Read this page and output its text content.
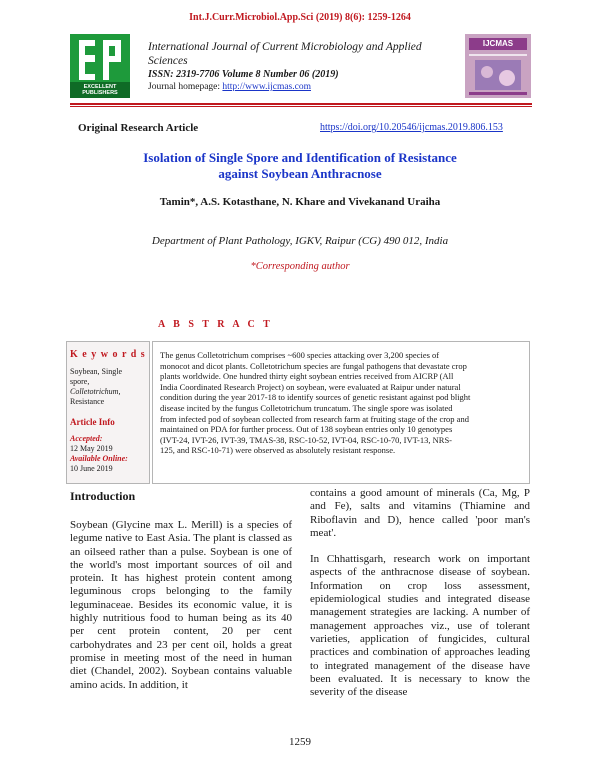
Int.J.Curr.Microbiol.App.Sci (2019) 8(6): 1259-1264
EXCELLENT PUBLISHERS
International Journal of Current Microbiology and Applied Sciences
ISSN: 2319-7706 Volume 8 Number 06 (2019)
Journal homepage: http://www.ijcmas.com
IJCMAS
Original Research Article	https://doi.org/10.20546/ijcmas.2019.806.153
Isolation of Single Spore and Identification of Resistance
against Soybean Anthracnose
Tamin*, A.S. Kotasthane, N. Khare and Vivekanand Uraiha
Department of Plant Pathology, IGKV, Raipur (CG) 490 012, India
*Corresponding author
A B S T R A C T
K e y w o r d s
Soybean, Single
spore,
Colletotrichum,
Resistance
Article Info
Accepted:
12 May 2019
Available Online:
10 June 2019

The genus Colletotrichum comprises ~600 species attacking over 3,200 species of

monocot and dicot plants. Colletotrichum species are fungal pathogens that devastate crop

plants worldwide. One hundred thirty eight soybean entries received from AICRP (All

India Coordinated Research Project) on soybean, were evaluated at Raipur under natural

condition during the year 2017-18 to identify sources of genetic resistant against pod blight

disease incited by the fungus Colletotrichum truncatum. The single spore was isolated

from infected pod of soybean collected from research farm at fruiting stage of the crop and

maintained on PDA for further process. Out of 138 soybean entries only 10 genotypes

(IVT-24, IVT-26, IVT-39, TMAS-38, RSC-10-52, IVT-04, RSC-10-70, IVT-13, NRS-

125, and RSC-10-71) were observed as absolutely resistant response.

Introduction

Soybean (Glycine max L. Merill) is a species of legume native to East Asia. The plant is classed as an oilseed rather than a pulse. Soybean is one of the world's most important sources of oil and protein. It has highest protein content among leguminous crops belonging to the family leguminaceae. Besides its economic value, it is highly nutritious food to human being as its 40 per cent protein content, 20 per cent carbohydrates and 23 per cent oil, holds a great promise in meeting most of the need in human diet (Chandel, 2002). Soybean contains valuable amino acids. In addition, it

contains a good amount of minerals (Ca, Mg, P and Fe), salts and vitamins (Thiamine and Riboflavin and D), hence called 'poor man's meat'.

In Chhattisgarh, research work on important aspects of the anthracnose disease of soybean. Information on crop loss assessment, epidemiological studies and integrated disease management strategies are lacking. A number of management approaches viz., use of tolerant varieties, application of fungicides, cultural practices and combination of approaches leading to integrated management of the disease have been evaluated. It is necessary to know the severity of the disease

1259
